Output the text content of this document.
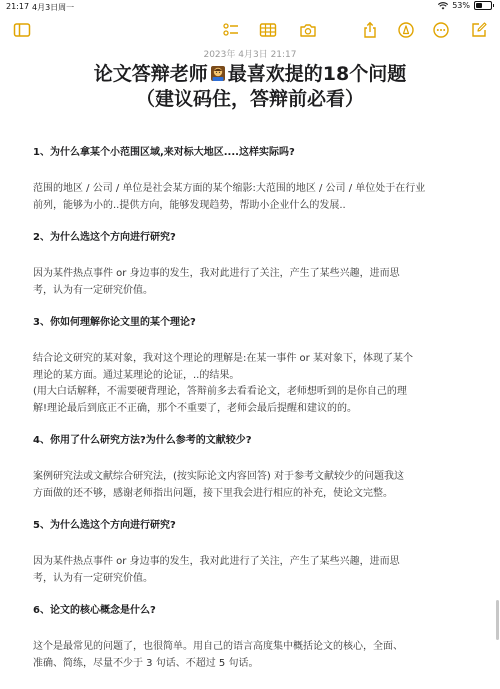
21:17 4月3日周一	53%
2023年 4月3日 21:17
论文答辩老师 最喜欢提的18个问题
（建议码住，答辩前必看）

1、为什么拿某个小范围区域,来对标大地区....这样实际吗?

范围的地区 / 公司 / 单位是社会某方面的某个缩影:大范围的地区 / 公司 / 单位处于在行业

前列，能够为小的..提供方向，能够发现趋势，帮助小企业什么的发展..

2、为什么选这个方向进行研究?

因为某件热点事件 or 身边事的发生，我对此进行了关注，产生了某些兴趣，进而思

考，认为有一定研究价值。

3、你如何理解你论文里的某个理论?

结合论文研究的某对象，我对这个理论的理解是:在某一事件 or 某对象下，体现了某个

理论的某方面。通过某理论的论证，..的结果。

(用大白话解释，不需要硬背理论，答辩前多去看看论文，老师想听到的是你自己的理

解!理论最后到底正不正确，那个不重要了，老师会最后提醒和建议的的。

4、你用了什么研究方法?为什么参考的文献较少?

案例研究法或文献综合研究法，(按实际论文内容回答) 对于参考文献较少的问题我这

方面做的还不够，感谢老师指出问题，接下里我会进行相应的补充，使论文完整。

5、为什么选这个方向进行研究?

因为某件热点事件 or 身边事的发生，我对此进行了关注，产生了某些兴趣，进而思

考，认为有一定研究价值。

6、论文的核心概念是什么?

这个是最常见的问题了，也很简单。用自己的语言高度集中概括论文的核心，全面、

准确、简练，尽量不少于 3 句话、不超过 5 句话。
